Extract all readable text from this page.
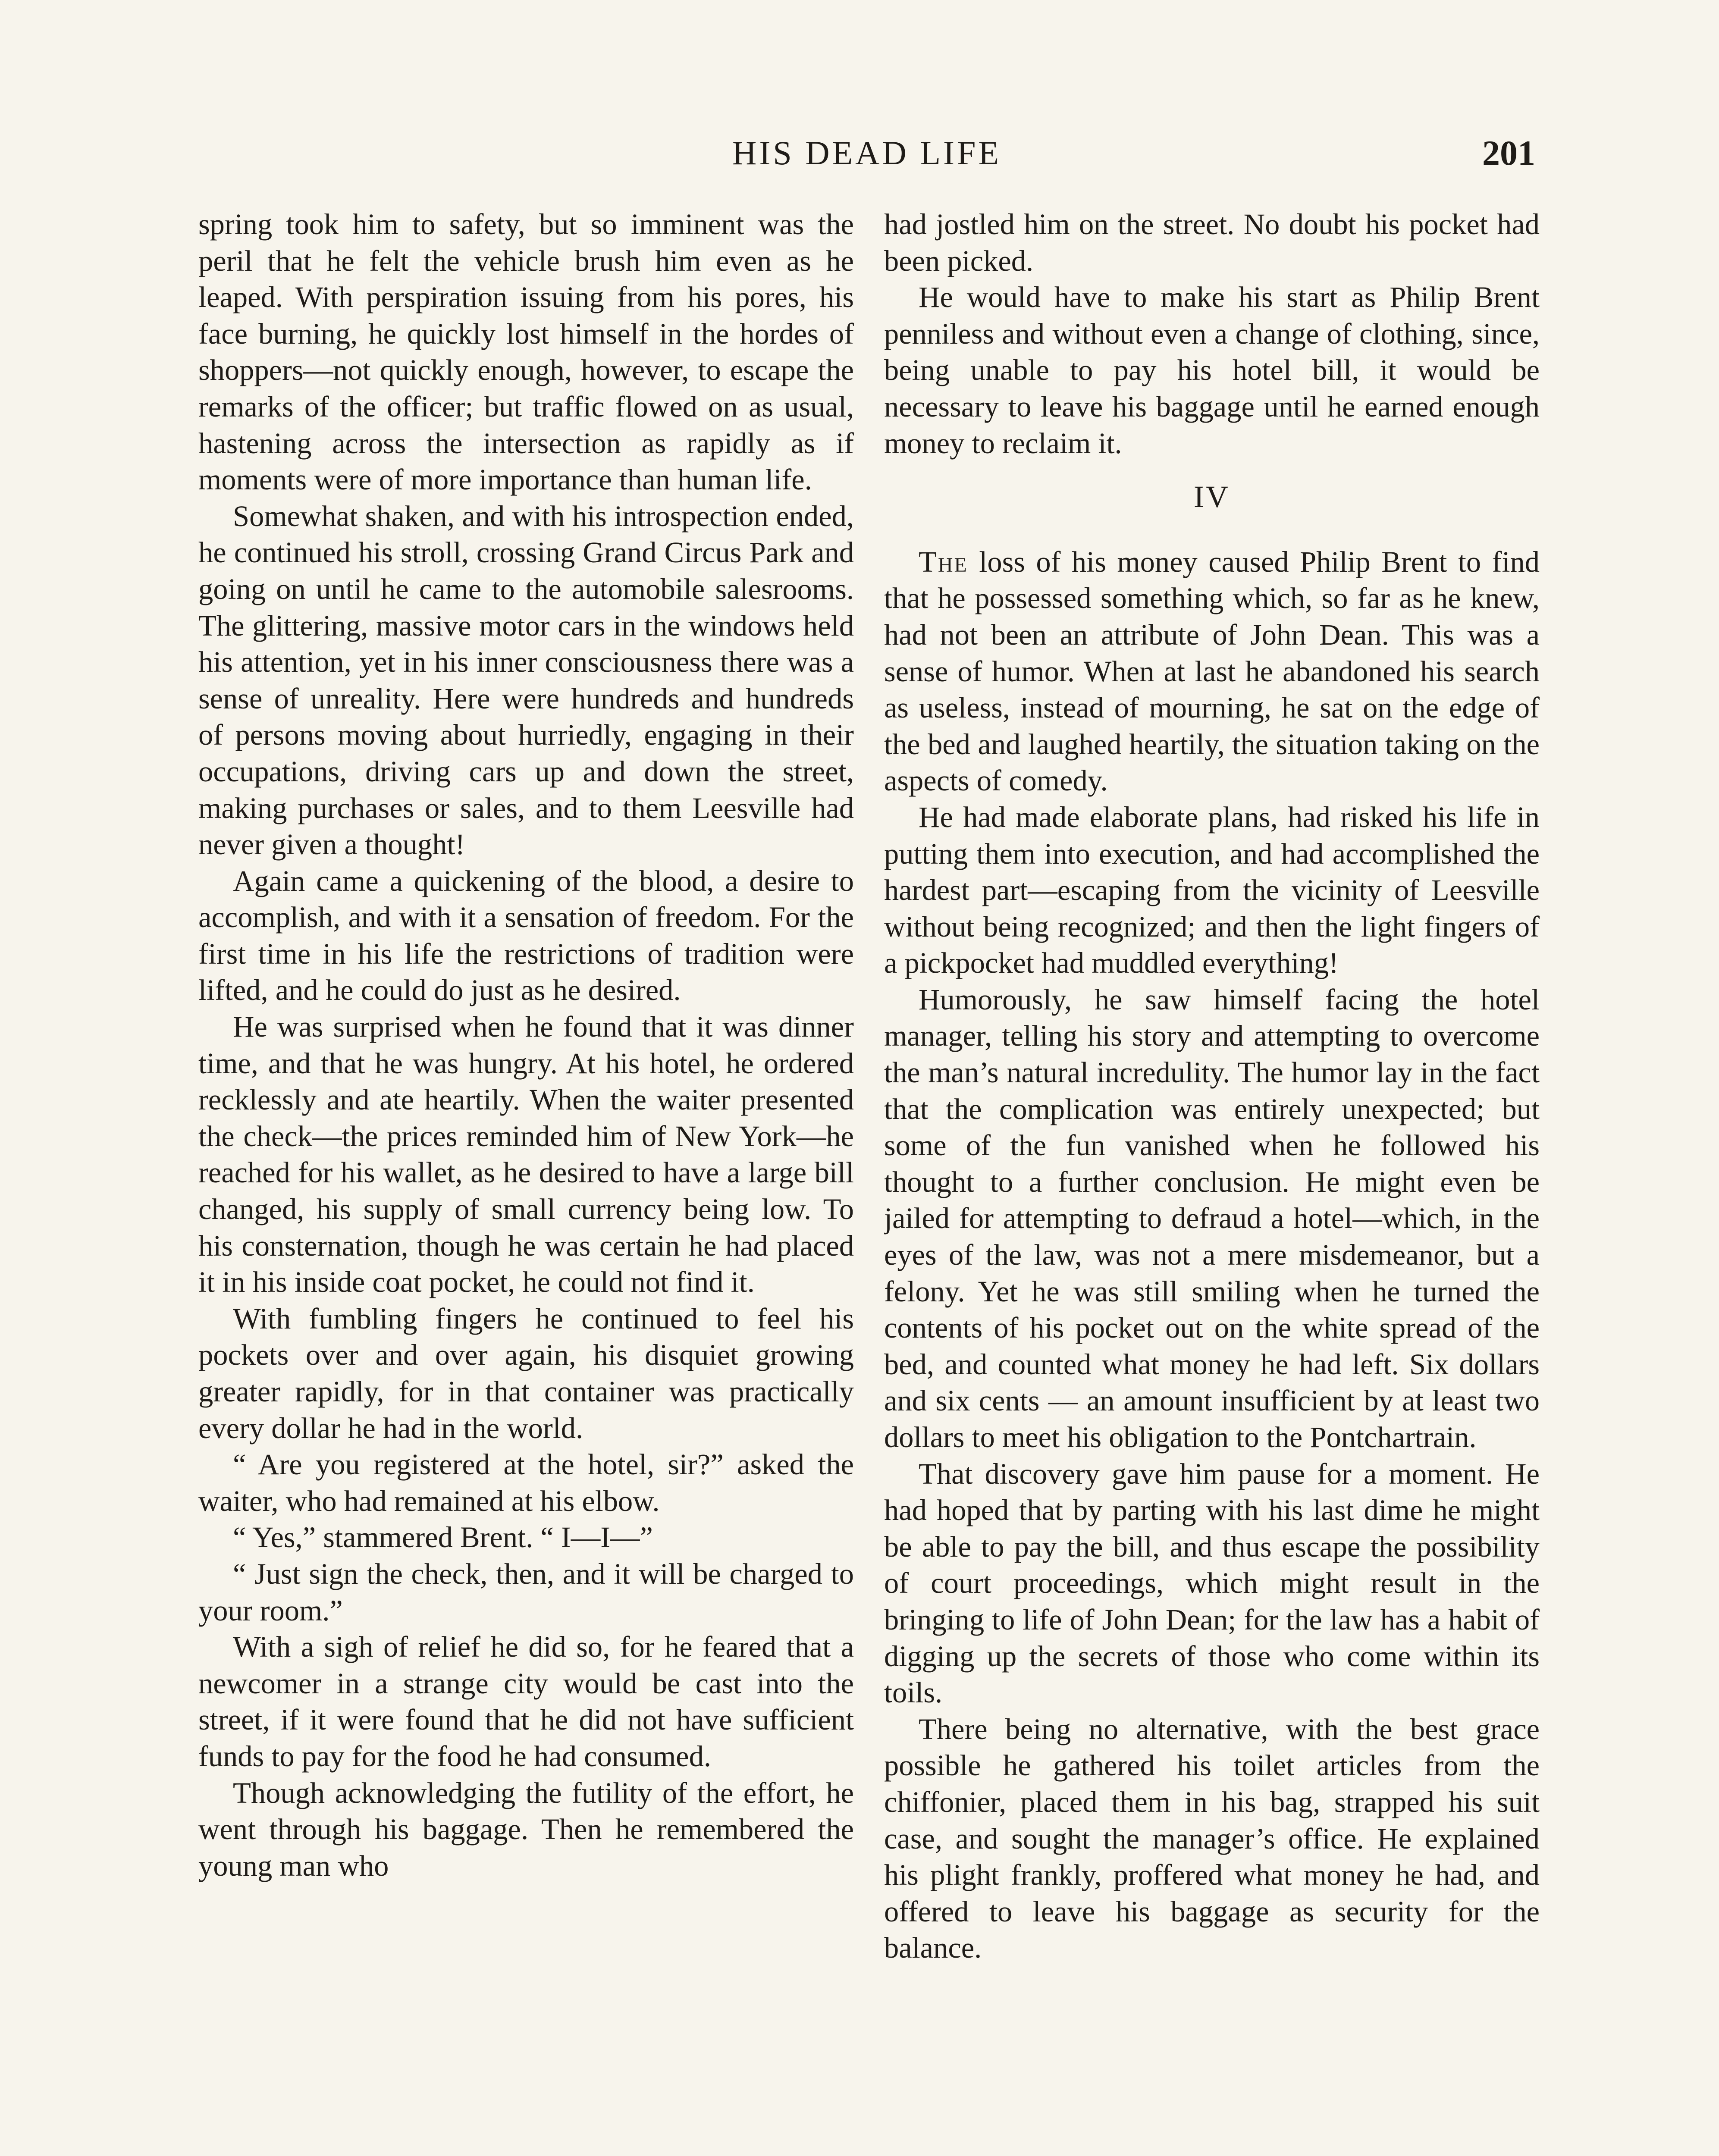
HIS DEAD LIFE	201

spring took him to safety, but so imminent was the peril that he felt the vehicle brush him even as he leaped. With perspiration issuing from his pores, his face burning, he quickly lost himself in the hordes of shoppers—not quickly enough, however, to escape the remarks of the officer; but traffic flowed on as usual, hastening across the intersection as rapidly as if moments were of more importance than human life.

Somewhat shaken, and with his introspection ended, he continued his stroll, crossing Grand Circus Park and going on until he came to the automobile salesrooms. The glittering, massive motor cars in the windows held his attention, yet in his inner consciousness there was a sense of unreality. Here were hundreds and hundreds of persons moving about hurriedly, engaging in their occupations, driving cars up and down the street, making purchases or sales, and to them Leesville had never given a thought!

Again came a quickening of the blood, a desire to accomplish, and with it a sensation of freedom. For the first time in his life the restrictions of tradition were lifted, and he could do just as he desired.

He was surprised when he found that it was dinner time, and that he was hungry. At his hotel, he ordered recklessly and ate heartily. When the waiter presented the check—the prices reminded him of New York—he reached for his wallet, as he desired to have a large bill changed, his supply of small currency being low. To his consternation, though he was certain he had placed it in his inside coat pocket, he could not find it.

With fumbling fingers he continued to feel his pockets over and over again, his disquiet growing greater rapidly, for in that container was practically every dollar he had in the world.

“ Are you registered at the hotel, sir?” asked the waiter, who had remained at his elbow.

“ Yes,” stammered Brent. “ I—I—”

“ Just sign the check, then, and it will be charged to your room.”

With a sigh of relief he did so, for he feared that a newcomer in a strange city would be cast into the street, if it were found that he did not have sufficient funds to pay for the food he had consumed.

Though acknowledging the futility of the effort, he went through his baggage. Then he remembered the young man who

had jostled him on the street. No doubt his pocket had been picked.

He would have to make his start as Philip Brent penniless and without even a change of clothing, since, being unable to pay his hotel bill, it would be necessary to leave his baggage until he earned enough money to reclaim it.

IV

The loss of his money caused Philip Brent to find that he possessed something which, so far as he knew, had not been an attribute of John Dean. This was a sense of humor. When at last he abandoned his search as useless, instead of mourning, he sat on the edge of the bed and laughed heartily, the situation taking on the aspects of comedy.

He had made elaborate plans, had risked his life in putting them into execution, and had accomplished the hardest part—escaping from the vicinity of Leesville without being recognized; and then the light fingers of a pickpocket had muddled everything!

Humorously, he saw himself facing the hotel manager, telling his story and attempting to overcome the man’s natural incredulity. The humor lay in the fact that the complication was entirely unexpected; but some of the fun vanished when he followed his thought to a further conclusion. He might even be jailed for attempting to defraud a hotel—which, in the eyes of the law, was not a mere misdemeanor, but a felony. Yet he was still smiling when he turned the contents of his pocket out on the white spread of the bed, and counted what money he had left. Six dollars and six cents — an amount insufficient by at least two dollars to meet his obligation to the Pontchartrain.

That discovery gave him pause for a moment. He had hoped that by parting with his last dime he might be able to pay the bill, and thus escape the possibility of court proceedings, which might result in the bringing to life of John Dean; for the law has a habit of digging up the secrets of those who come within its toils.

There being no alternative, with the best grace possible he gathered his toilet articles from the chiffonier, placed them in his bag, strapped his suit case, and sought the manager’s office. He explained his plight frankly, proffered what money he had, and offered to leave his baggage as security for the balance.
